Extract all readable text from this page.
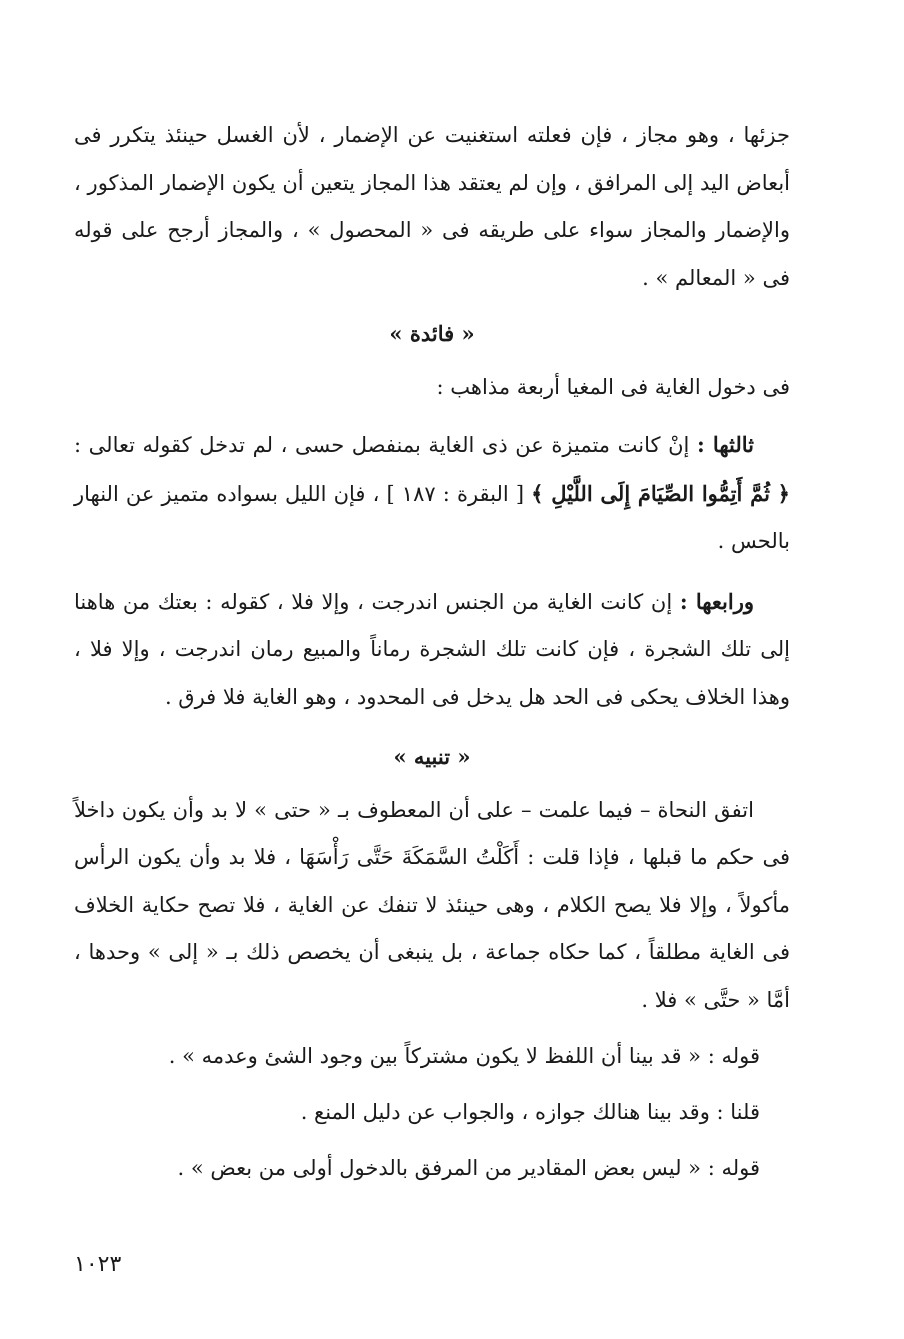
جزئها ، وهو مجاز ، فإن فعلته استغنيت عن الإضمار ، لأن الغسل حينئذ يتكرر فى أبعاض اليد إلى المرافق ، وإن لم يعتقد هذا المجاز يتعين أن يكون الإضمار المذكور ، والإضمار والمجاز سواء على طريقه فى « المحصول » ، والمجاز أرجح على قوله فى « المعالم » .

« فائدة »

فى دخول الغاية فى المغيا أربعة مذاهب :

ثالثها : إنْ كانت متميزة عن ذى الغاية بمنفصل حسى ، لم تدخل كقوله تعالى : ﴿ ثُمَّ أَتِمُّوا الصِّيَامَ إِلَى اللَّيْلِ ﴾ [ البقرة : ١٨٧ ] ، فإن الليل بسواده متميز عن النهار بالحس .

ورابعها : إن كانت الغاية من الجنس اندرجت ، وإلا فلا ، كقوله : بعتك من هاهنا إلى تلك الشجرة ، فإن كانت تلك الشجرة رماناً والمبيع رمان اندرجت ، وإلا فلا ، وهذا الخلاف يحكى فى الحد هل يدخل فى المحدود ، وهو الغاية فلا فرق .

« تنبيه »

اتفق النحاة – فيما علمت – على أن المعطوف بـ « حتى » لا بد وأن يكون داخلاً فى حكم ما قبلها ، فإذا قلت : أَكَلْتُ السَّمَكَةَ حَتَّى رَأْسَهَا ، فلا بد وأن يكون الرأس مأكولاً ، وإلا فلا يصح الكلام ، وهى حينئذ لا تنفك عن الغاية ، فلا تصح حكاية الخلاف فى الغاية مطلقاً ، كما حكاه جماعة ، بل ينبغى أن يخصص ذلك بـ « إلى » وحدها ، أمَّا « حتَّى » فلا .

قوله : « قد بينا أن اللفظ لا يكون مشتركاً بين وجود الشئ وعدمه » .

قلنا : وقد بينا هنالك جوازه ، والجواب عن دليل المنع .

قوله : « ليس بعض المقادير من المرفق بالدخول أولى من بعض » .

١٠٢٣
